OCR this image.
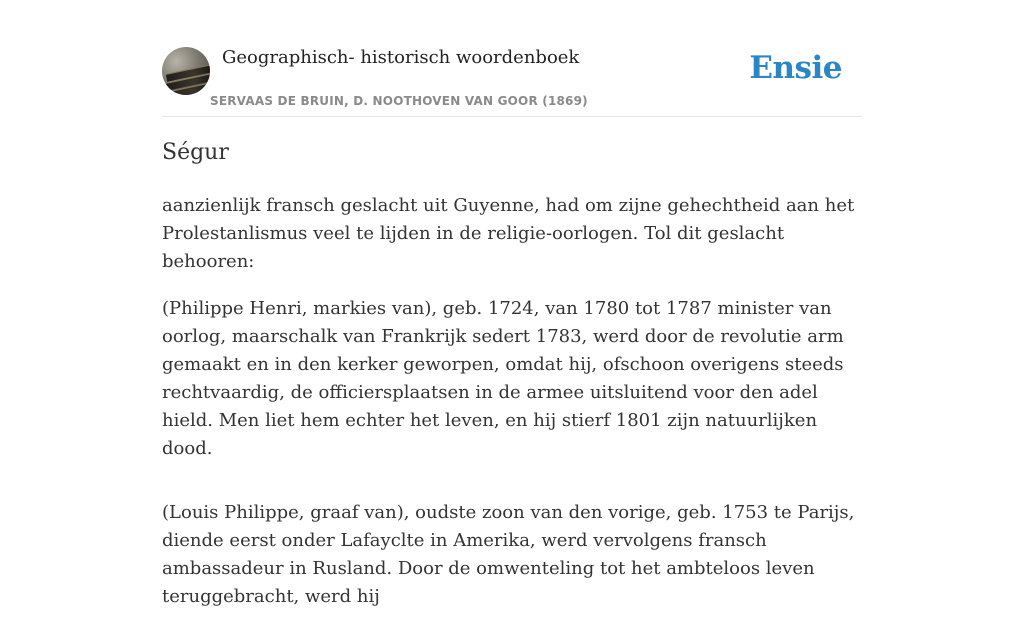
Geographisch- historisch woordenboek
SERVAAS DE BRUIN, D. NOOTHOVEN VAN GOOR (1869)
Ensie
Ségur

aanzienlijk fransch geslacht uit Guyenne, had om zijne gehechtheid aan het Prolestanlismus veel te lijden in de religie-oorlogen. Tol dit geslacht behooren:

(Philippe Henri, markies van), geb. 1724, van 1780 tot 1787 minister van oorlog, maarschalk van Frankrijk sedert 1783, werd door de revolutie arm gemaakt en in den kerker geworpen, omdat hij, ofschoon overigens steeds rechtvaardig, de officiersplaatsen in de armee uitsluitend voor den adel hield. Men liet hem echter het leven, en hij stierf 1801 zijn natuurlijken dood.

(Louis Philippe, graaf van), oudste zoon van den vorige, geb. 1753 te Parijs, diende eerst onder Lafayclte in Amerika, werd vervolgens fransch ambassadeur in Rusland. Door de omwenteling tot het ambteloos leven teruggebracht, werd hij
